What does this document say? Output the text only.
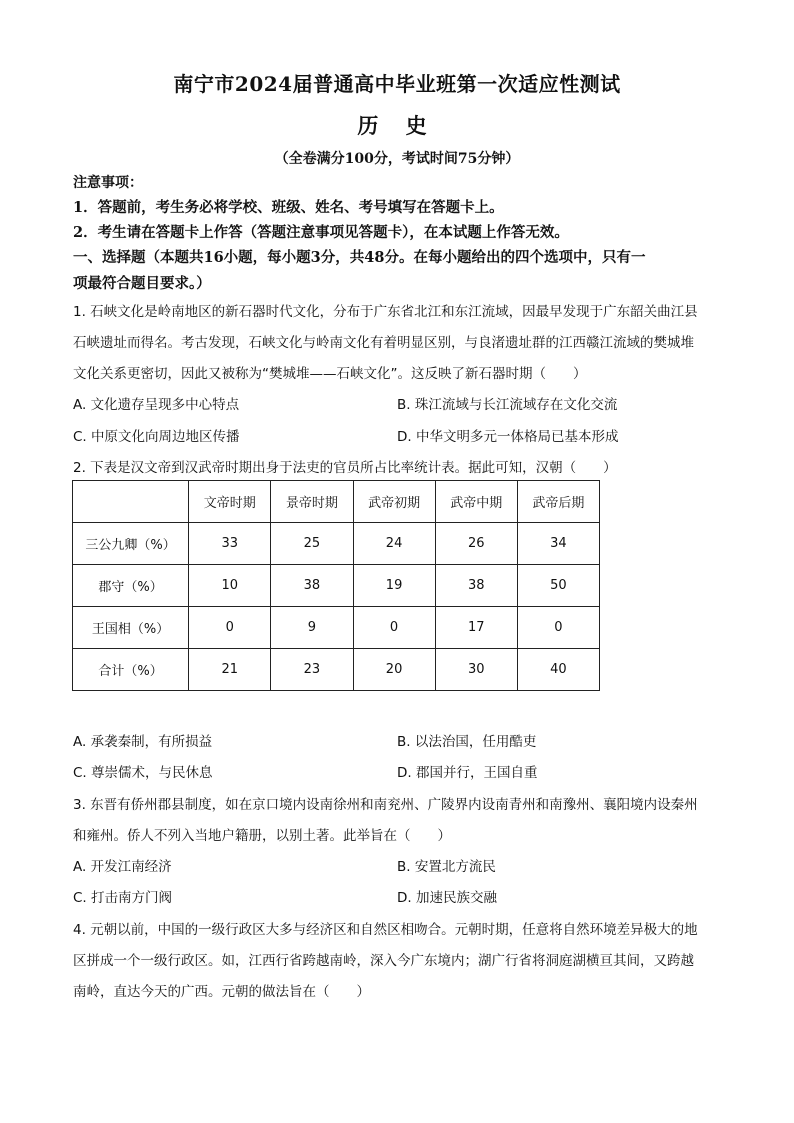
南宁市2024届普通高中毕业班第一次适应性测试
历 史
（全卷满分100分，考试时间75分钟）
注意事项：
1．答题前，考生务必将学校、班级、姓名、考号填写在答题卡上。
2．考生请在答题卡上作答（答题注意事项见答题卡），在本试题上作答无效。
一、选择题（本题共16小题，每小题3分，共48分。在每小题给出的四个选项中，只有一
项最符合题目要求。）
1. 石峡文化是岭南地区的新石器时代文化，分布于广东省北江和东江流域，因最早发现于广东韶关曲江县
石峡遗址而得名。考古发现，石峡文化与岭南文化有着明显区别，与良渚遗址群的江西赣江流域的樊城堆
文化关系更密切，因此又被称为“樊城堆——石峡文化”。这反映了新石器时期（　　）
A. 文化遗存呈现多中心特点	B. 珠江流域与长江流域存在文化交流
C. 中原文化向周边地区传播	D. 中华文明多元一体格局已基本形成
2. 下表是汉文帝到汉武帝时期出身于法吏的官员所占比率统计表。据此可知，汉朝（　　）
	文帝时期	景帝时期	武帝初期	武帝中期	武帝后期
三公九卿（%）	33	25	24	26	34
郡守（%）	10	38	19	38	50
王国相（%）	0	9	0	17	0
合计（%）	21	23	20	30	40
A. 承袭秦制，有所损益	B. 以法治国，任用酷吏
C. 尊崇儒术，与民休息	D. 郡国并行，王国自重
3. 东晋有侨州郡县制度，如在京口境内设南徐州和南兖州、广陵界内设南青州和南豫州、襄阳境内设秦州
和雍州。侨人不列入当地户籍册，以别土著。此举旨在（　　）
A. 开发江南经济	B. 安置北方流民
C. 打击南方门阀	D. 加速民族交融
4. 元朝以前，中国的一级行政区大多与经济区和自然区相吻合。元朝时期，任意将自然环境差异极大的地
区拼成一个一级行政区。如，江西行省跨越南岭，深入今广东境内；湖广行省将洞庭湖横亘其间，又跨越
南岭，直达今天的广西。元朝的做法旨在（　　）
